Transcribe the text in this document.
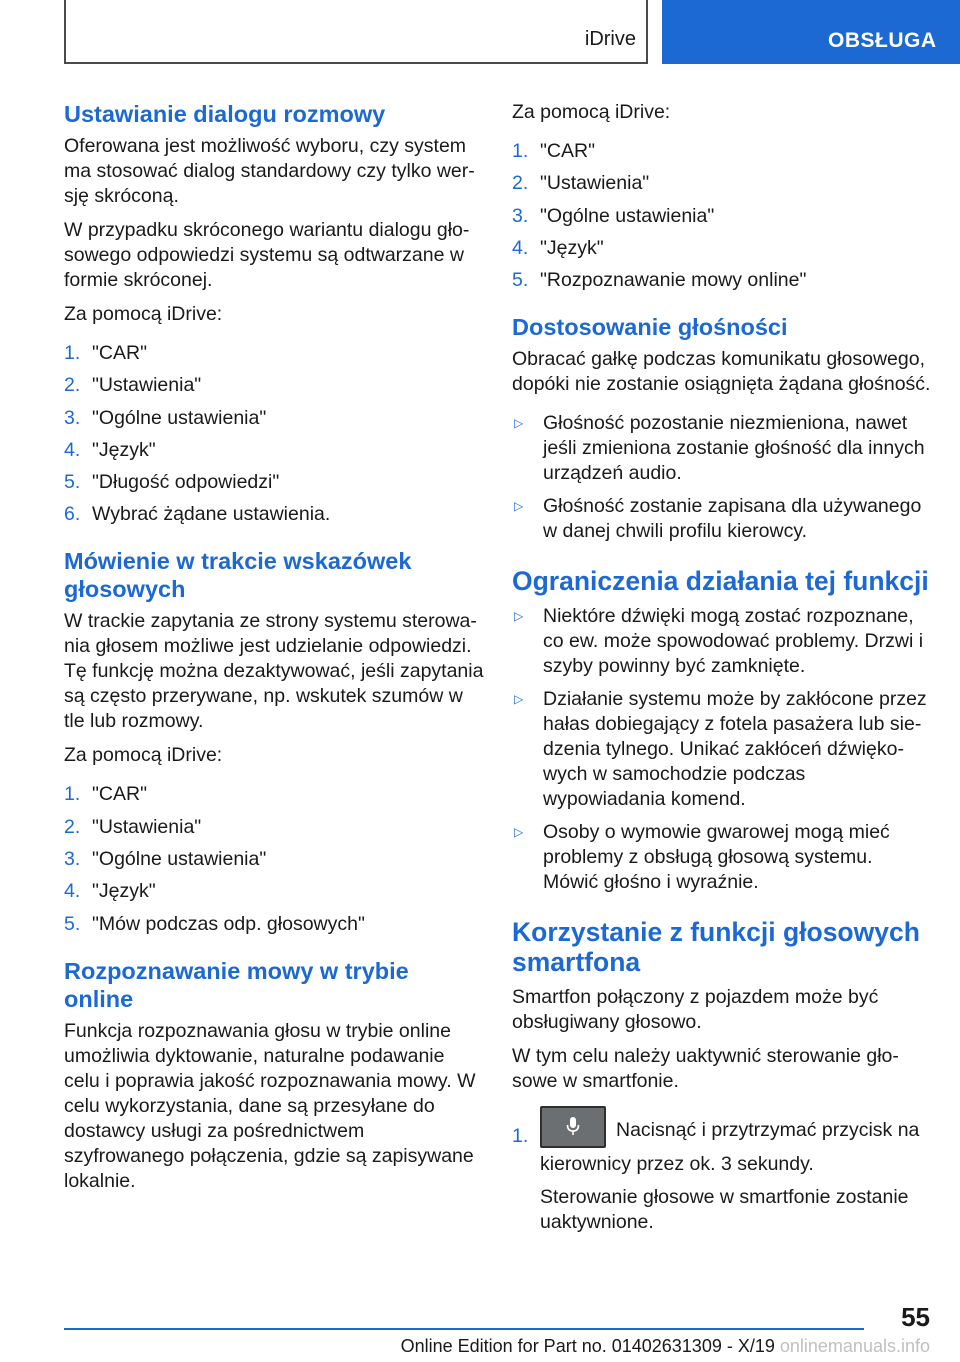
iDrive	OBSŁUGA
Ustawianie dialogu rozmowy
Oferowana jest możliwość wyboru, czy system ma stosować dialog standardowy czy tylko wersję skróconą.
W przypadku skróconego wariantu dialogu głosowego odpowiedzi systemu są odtwarzane w formie skróconej.
Za pomocą iDrive:
1. "CAR"
2. "Ustawienia"
3. "Ogólne ustawienia"
4. "Język"
5. "Długość odpowiedzi"
6. Wybrać żądane ustawienia.
Mówienie w trakcie wskazówek głosowych
W trackie zapytania ze strony systemu sterowania głosem możliwe jest udzielanie odpowiedzi. Tę funkcję można dezaktywować, jeśli zapytania są często przerywane, np. wskutek szumów w tle lub rozmowy.
Za pomocą iDrive:
1. "CAR"
2. "Ustawienia"
3. "Ogólne ustawienia"
4. "Język"
5. "Mów podczas odp. głosowych"
Rozpoznawanie mowy w trybie online
Funkcja rozpoznawania głosu w trybie online umożliwia dyktowanie, naturalne podawanie celu i poprawia jakość rozpoznawania mowy. W celu wykorzystania, dane są przesyłane do dostawcy usługi za pośrednictwem szyfrowanego połączenia, gdzie są zapisywane lokalnie.
Za pomocą iDrive:
1. "CAR"
2. "Ustawienia"
3. "Ogólne ustawienia"
4. "Język"
5. "Rozpoznawanie mowy online"
Dostosowanie głośności
Obracać gałkę podczas komunikatu głosowego, dopóki nie zostanie osiągnięta żądana głośność.
▷	Głośność pozostanie niezmieniona, nawet jeśli zmieniona zostanie głośność dla innych urządzeń audio.
▷	Głośność zostanie zapisana dla używanego w danej chwili profilu kierowcy.
Ograniczenia działania tej funkcji
▷	Niektóre dźwięki mogą zostać rozpoznane, co ew. może spowodować problemy. Drzwi i szyby powinny być zamknięte.
▷	Działanie systemu może by zakłócone przez hałas dobiegający z fotela pasażera lub siedzenia tylnego. Unikać zakłóceń dźwiękowych w samochodzie podczas wypowiadania komend.
▷	Osoby o wymowie gwarowej mogą mieć problemy z obsługą głosową systemu. Mówić głośno i wyraźnie.
Korzystanie z funkcji głosowych smartfona
Smartfon połączony z pojazdem może być obsługiwany głosowo.
W tym celu należy uaktywnić sterowanie głosowe w smartfonie.
1.	Nacisnąć i przytrzymać przycisk na kierownicy przez ok. 3 sekundy.
Sterowanie głosowe w smartfonie zostanie uaktywnione.
55
Online Edition for Part no. 01402631309 - X/19 onlinemanuals.info
